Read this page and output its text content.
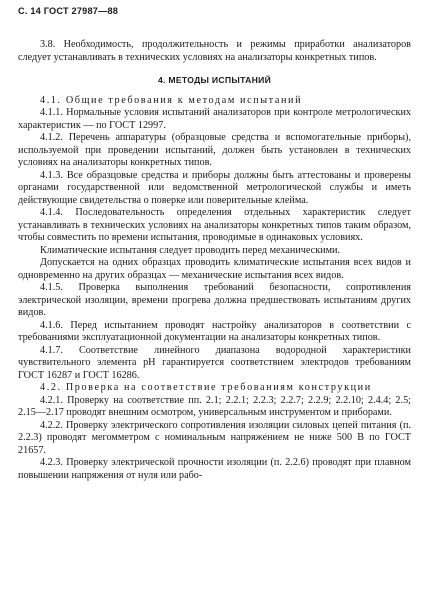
С. 14 ГОСТ 27987—88

3.8. Необходимость, продолжительность и режимы приработки анализаторов следует устанавливать в технических условиях на анализаторы конкретных типов.

4. МЕТОДЫ ИСПЫТАНИЙ

4.1. Общие требования к методам испытаний

4.1.1. Нормальные условия испытаний анализаторов при контроле метрологических характеристик — по ГОСТ 12997.

4.1.2. Перечень аппаратуры (образцовые средства и вспомогательные приборы), используемой при проведении испытаний, должен быть установлен в технических условиях на анализаторы конкретных типов.

4.1.3. Все образцовые средства и приборы должны быть аттестованы и проверены органами государственной или ведомственной метрологической службы и иметь действующие свидетельства о поверке или поверительные клейма.

4.1.4. Последовательность определения отдельных характеристик следует устанавливать в технических условиях на анализаторы конкретных типов таким образом, чтобы совместить по времени испытания, проводимые в одинаковых условиях.

Климатические испытания следует проводить перед механическими.

Допускается на одних образцах проводить климатические испытания всех видов и одновременно на других образцах — механические испытания всех видов.

4.1.5. Проверка выполнения требований безопасности, сопротивления электрической изоляции, времени прогрева должна предшествовать испытаниям других видов.

4.1.6. Перед испытанием проводят настройку анализаторов в соответствии с требованиями эксплуатационной документации на анализаторы конкретных типов.

4.1.7. Соответствие линейного диапазона водородной характеристики чувствительного элемента pH гарантируется соответствием электродов требованиям ГОСТ 16287 и ГОСТ 16286.

4.2. Проверка на соответствие требованиям конструкции

4.2.1. Проверку на соответствие пп. 2.1; 2.2.1; 2.2.3; 2.2.7; 2.2.9; 2.2.10; 2.4.4; 2.5; 2.15—2.17 проводят внешним осмотром, универсальным инструментом и приборами.

4.2.2. Проверку электрического сопротивления изоляции силовых цепей питания (п. 2.2.3) проводят мегомметром с номинальным напряжением не ниже 500 В по ГОСТ 21657.

4.2.3. Проверку электрической прочности изоляции (п. 2.2.6) проводят при плавном повышении напряжения от нуля или рабо-
